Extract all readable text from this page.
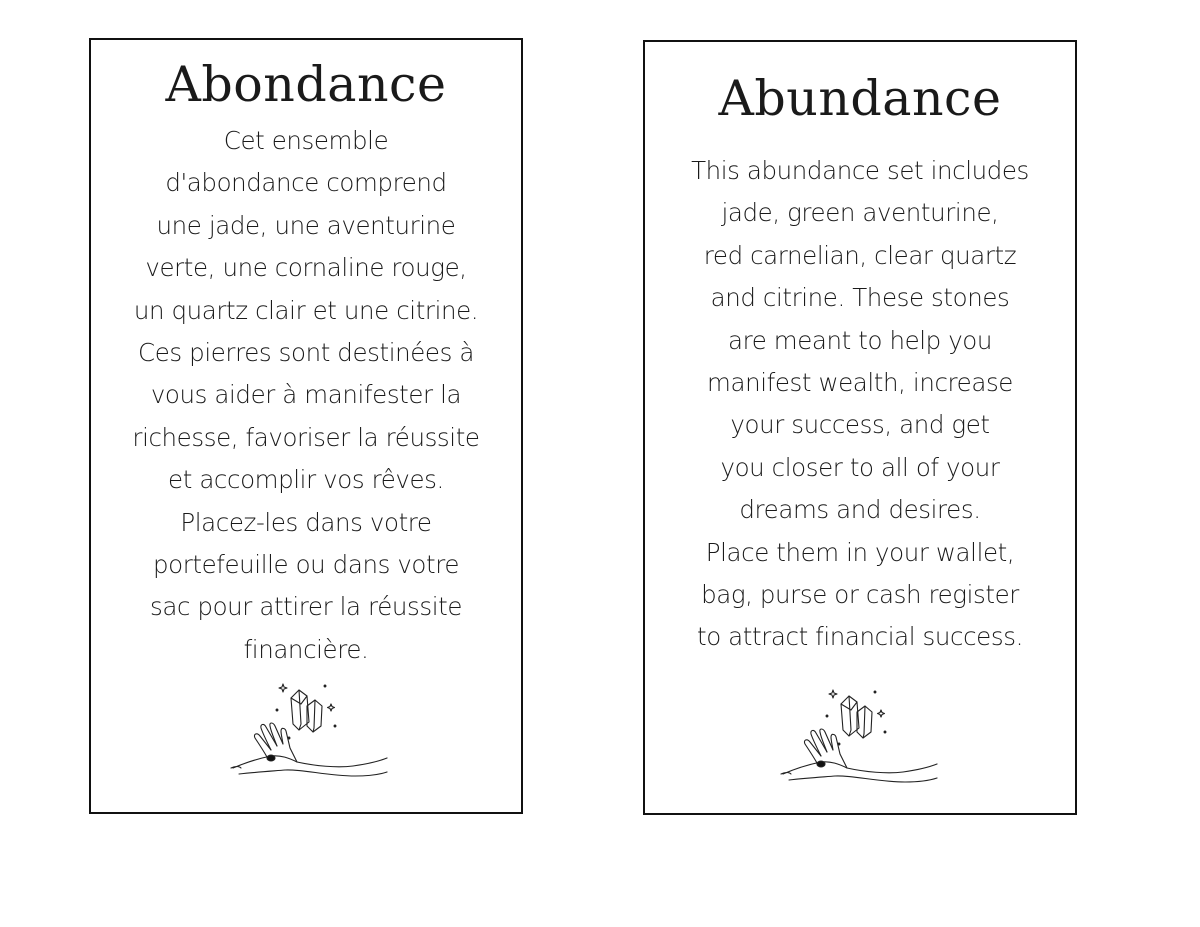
Abondance
Cet ensemble
d'abondance comprend
une jade, une aventurine
verte, une cornaline rouge,
un quartz clair et une citrine.
Ces pierres sont destinées à
vous aider à manifester la
richesse, favoriser la réussite
et accomplir vos rêves.
Placez-les dans votre
portefeuille ou dans votre
sac pour attirer la réussite
financière.
Abundance
This abundance set includes
jade, green aventurine,
red carnelian, clear quartz
and citrine. These stones
are meant to help you
manifest wealth, increase
your success, and get
you closer to all of your
dreams and desires.
Place them in your wallet,
bag, purse or cash register
to attract financial success.
